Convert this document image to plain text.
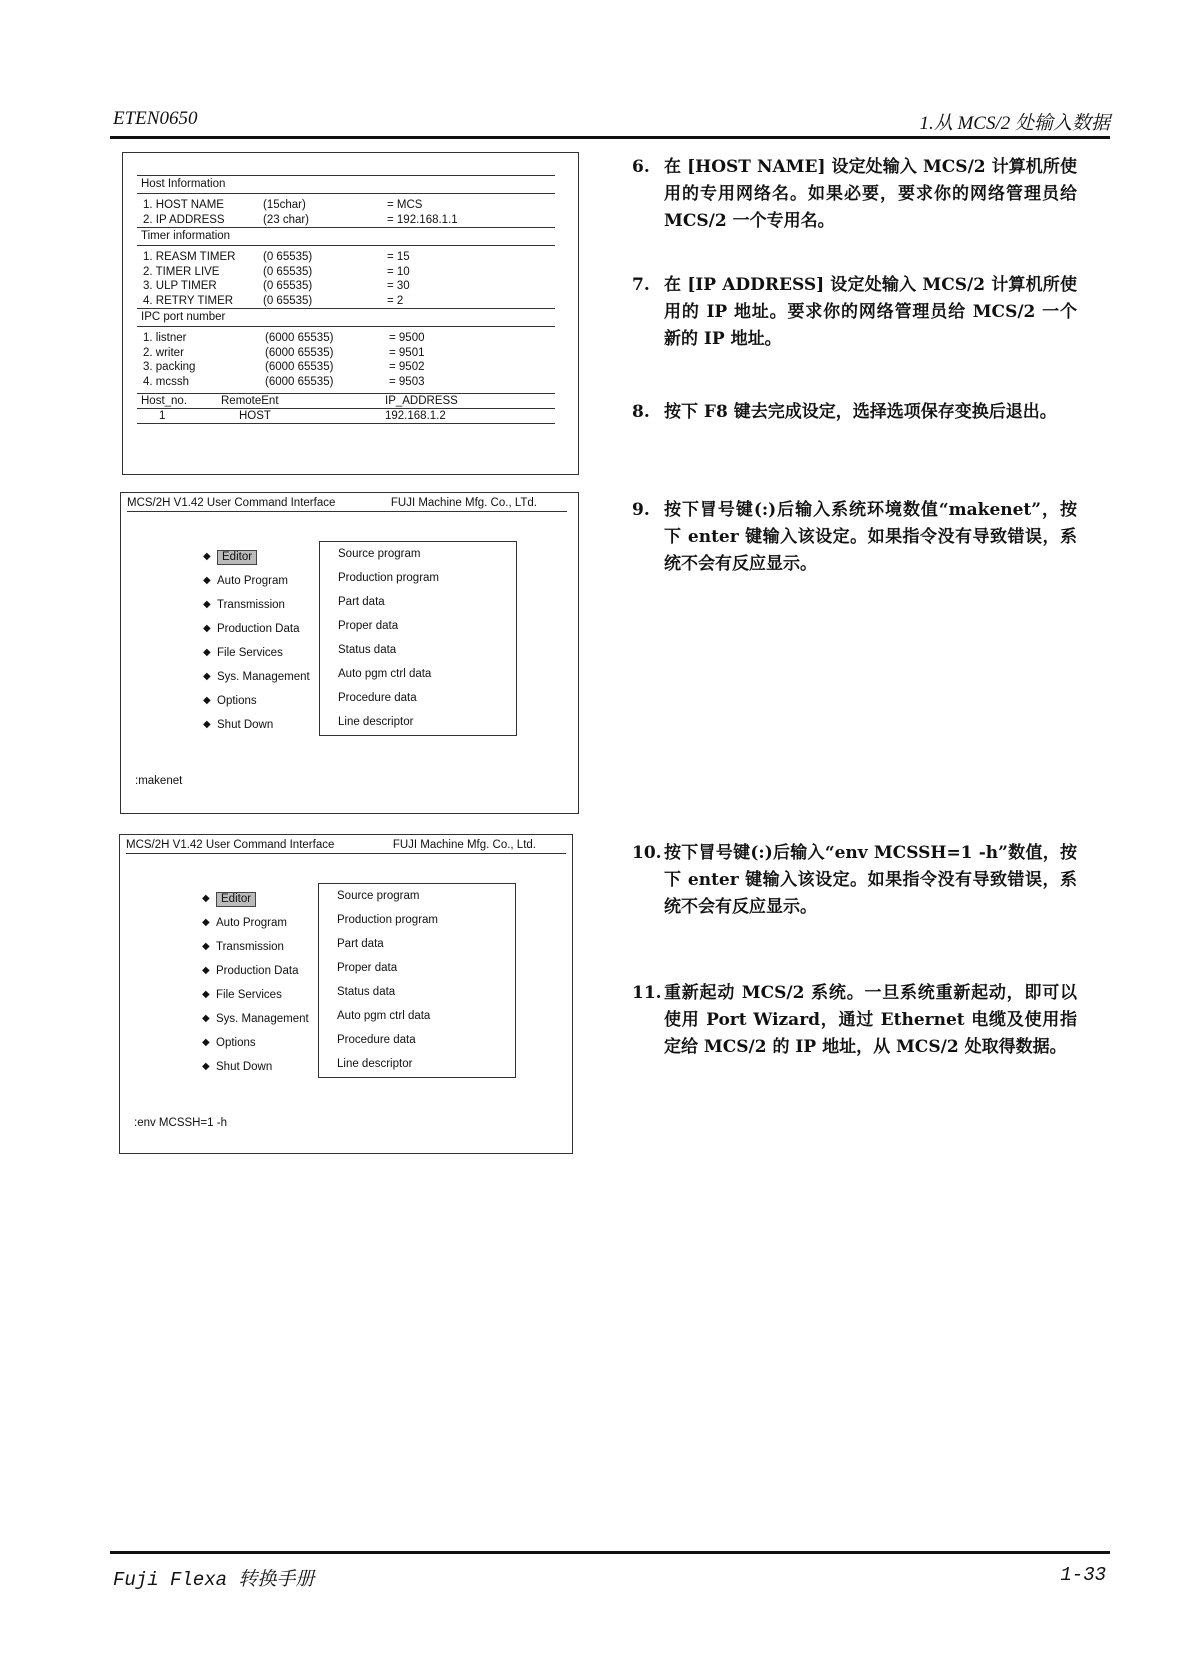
ETEN0650	1.从 MCS/2 处输入数据
Host Information
1. HOST NAME	(15char)	= MCS
2. IP ADDRESS	(23 char)	= 192.168.1.1
Timer information
1. REASM TIMER	(0 65535)	= 15
2. TIMER LIVE	(0 65535)	= 10
3. ULP TIMER	(0 65535)	= 30
4. RETRY TIMER	(0 65535)	= 2
IPC port number
1. listner	(6000 65535)	= 9500
2. writer	(6000 65535)	= 9501
3. packing	(6000 65535)	= 9502
4. mcssh	(6000 65535)	= 9503
Host_no.	RemoteEnt	IP_ADDRESS
1	HOST	192.168.1.2
MCS/2H V1.42 User Command Interface	FUJI Machine Mfg. Co., LTd.
◆ Editor
◆ Auto Program
◆ Transmission
◆ Production Data
◆ File Services
◆ Sys. Management
◆ Options
◆ Shut Down
Source program
Production program
Part data
Proper data
Status data
Auto pgm ctrl data
Procedure data
Line descriptor
:makenet
MCS/2H V1.42 User Command Interface	FUJI Machine Mfg. Co., Ltd.
◆ Editor
◆ Auto Program
◆ Transmission
◆ Production Data
◆ File Services
◆ Sys. Management
◆ Options
◆ Shut Down
Source program
Production program
Part data
Proper data
Status data
Auto pgm ctrl data
Procedure data
Line descriptor
:env MCSSH=1 -h
6. 在 [HOST NAME] 设定处输入 MCS/2 计算机所使用的专用网络名。如果必要，要求你的网络管理员给 MCS/2 一个专用名。
7. 在 [IP ADDRESS] 设定处输入 MCS/2 计算机所使用的 IP 地址。要求你的网络管理员给 MCS/2 一个新的 IP 地址。
8. 按下 F8 键去完成设定，选择选项保存变换后退出。
9. 按下冒号键(:)后输入系统环境数值“makenet”，按下 enter 键输入该设定。如果指令没有导致错误，系统不会有反应显示。
10. 按下冒号键(:)后输入“env MCSSH=1 -h”数值，按下 enter 键输入该设定。如果指令没有导致错误，系统不会有反应显示。
11. 重新起动 MCS/2 系统。一旦系统重新起动，即可以使用 Port Wizard，通过 Ethernet 电缆及使用指定给 MCS/2 的 IP 地址，从 MCS/2 处取得数据。
Fuji Flexa 转换手册	1-33
